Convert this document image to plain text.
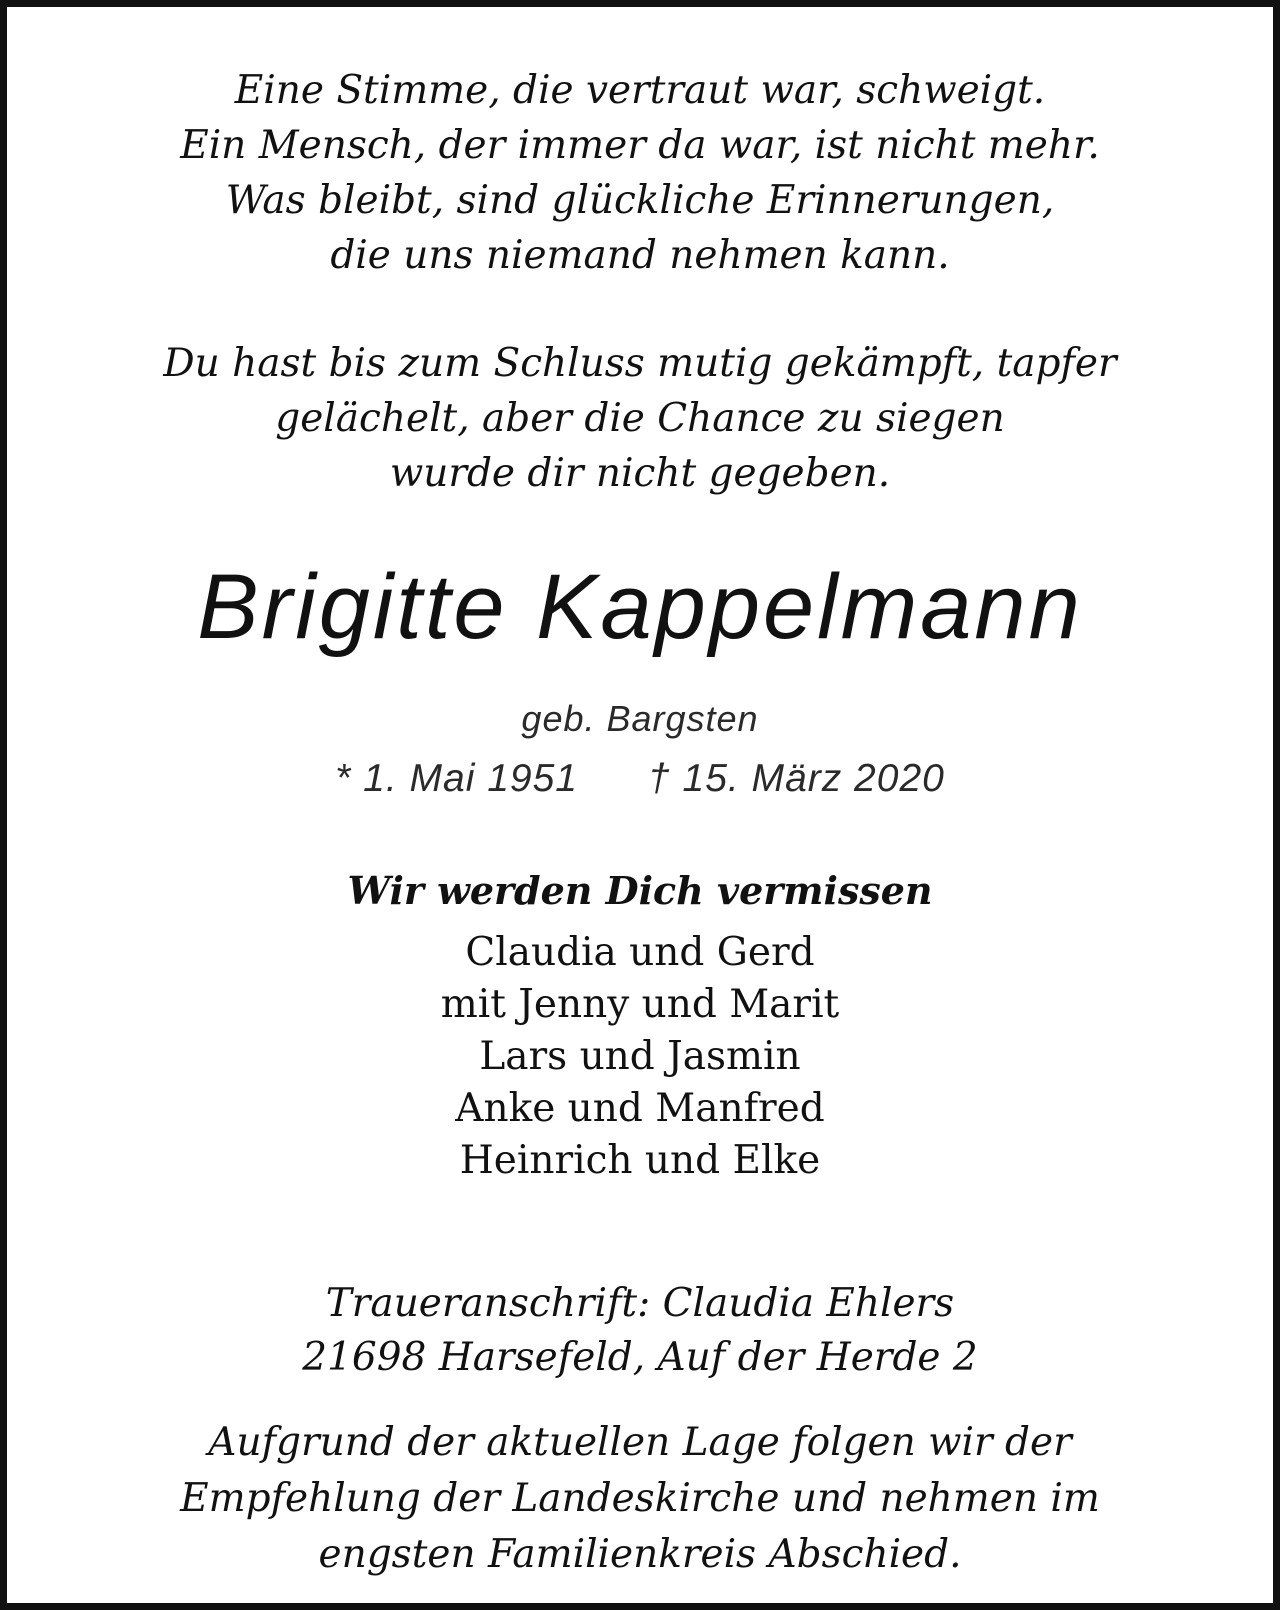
Eine Stimme, die vertraut war, schweigt.

Ein Mensch, der immer da war, ist nicht mehr.

Was bleibt, sind glückliche Erinnerungen,

die uns niemand nehmen kann.

Du hast bis zum Schluss mutig gekämpft, tapfer

gelächelt, aber die Chance zu siegen

wurde dir nicht gegeben.

Brigitte Kappelmann
geb. Bargsten
* 1. Mai 1951 † 15. März 2020
Wir werden Dich vermissen
Claudia und Gerd
mit Jenny und Marit
Lars und Jasmin
Anke und Manfred
Heinrich und Elke

Traueranschrift: Claudia Ehlers

21698 Harsefeld, Auf der Herde 2

Aufgrund der aktuellen Lage folgen wir der

Empfehlung der Landeskirche und nehmen im

engsten Familienkreis Abschied.
